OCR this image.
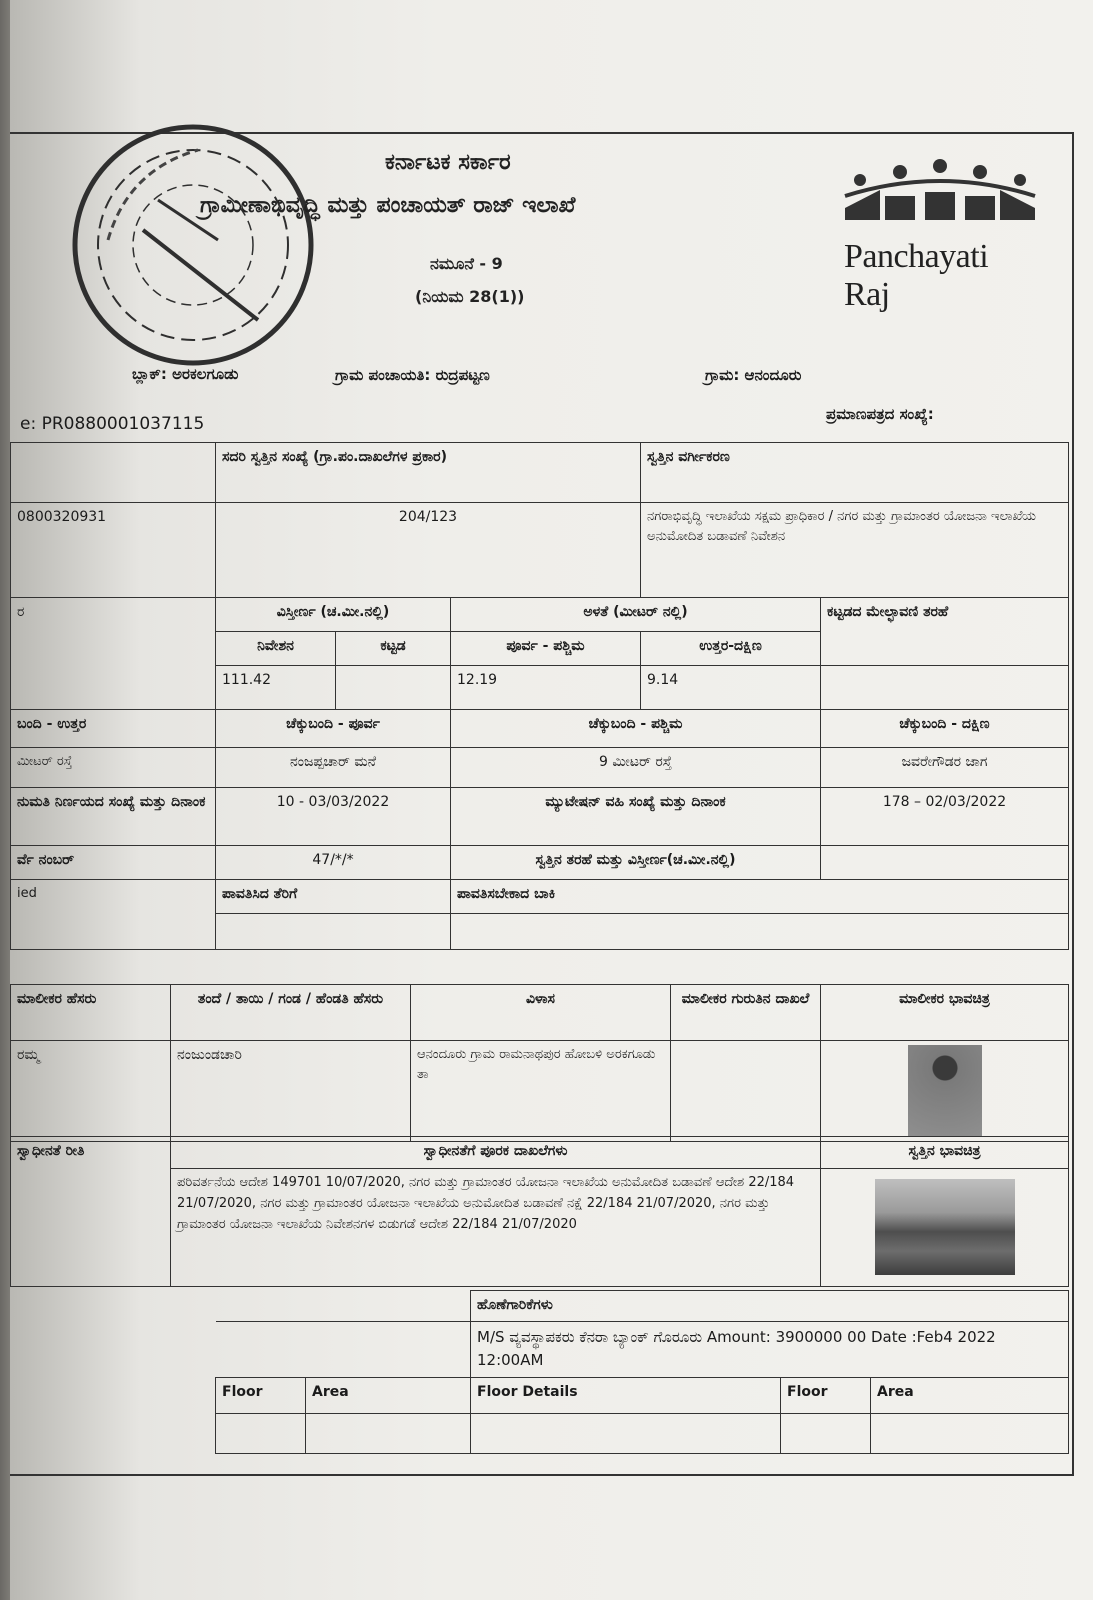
ಕರ್ನಾಟಕ ಸರ್ಕಾರ
ಗ್ರಾಮೀಣಾಭಿವೃದ್ಧಿ ಮತ್ತು ಪಂಚಾಯತ್ ರಾಜ್ ಇಲಾಖೆ
ನಮೂನೆ - 9
(ನಿಯಮ 28(1))
Panchayati Raj
ಬ್ಲಾಕ್: ಅರಕಲಗೂಡು	ಗ್ರಾಮ ಪಂಚಾಯತಿ: ರುದ್ರಪಟ್ಟಣ	ಗ್ರಾಮ: ಆನಂದೂರು
e: PR0880001037115	ಪ್ರಮಾಣಪತ್ರದ ಸಂಖ್ಯೆ:
	ಸದರಿ ಸ್ವತ್ತಿನ ಸಂಖ್ಯೆ (ಗ್ರಾ.ಪಂ.ದಾಖಲೆಗಳ ಪ್ರಕಾರ)			ಸ್ವತ್ತಿನ ವರ್ಗೀಕರಣ	
0800320931	204/123			ನಗರಾಭಿವೃದ್ಧಿ ಇಲಾಖೆಯ ಸಕ್ಷಮ ಪ್ರಾಧಿಕಾರ / ನಗರ ಮತ್ತು ಗ್ರಾಮಾಂತರ ಯೋಜನಾ ಇಲಾಖೆಯ ಅನುಮೋದಿತ ಬಡಾವಣೆ ನಿವೇಶನ	
ರ	ವಿಸ್ತೀರ್ಣ (ಚ.ಮೀ.ನಲ್ಲಿ)		ಅಳತೆ (ಮೀಟರ್ ನಲ್ಲಿ)		ಕಟ್ಟಡದ ಮೇಲ್ಛಾವಣಿ ತರಹೆ
	ನಿವೇಶನ	ಕಟ್ಟಡ	ಪೂರ್ವ - ಪಶ್ಚಿಮ	ಉತ್ತರ-ದಕ್ಷಿಣ	
	111.42		12.19	9.14	
ಬಂದಿ - ಉತ್ತರ	ಚೆಕ್ಕುಬಂದಿ - ಪೂರ್ವ		ಚೆಕ್ಕುಬಂದಿ - ಪಶ್ಚಿಮ		ಚೆಕ್ಕುಬಂದಿ - ದಕ್ಷಿಣ
ಮೀಟರ್ ರಸ್ತೆ	ನಂಜಪ್ಪಚಾರ್ ಮನೆ		9 ಮೀಟರ್ ರಸ್ತೆ		ಜವರೇಗೌಡರ ಜಾಗ
ನುಮತಿ ನಿರ್ಣಯದ ಸಂಖ್ಯೆ ಮತ್ತು ದಿನಾಂಕ	10 - 03/03/2022		ಮ್ಯುಟೇಷನ್ ವಹಿ ಸಂಖ್ಯೆ ಮತ್ತು ದಿನಾಂಕ		178 – 02/03/2022
ರ್ವೆ ನಂಬರ್	47/*/*		ಸ್ವತ್ತಿನ ತರಹೆ ಮತ್ತು ವಿಸ್ತೀರ್ಣ(ಚ.ಮೀ.ನಲ್ಲಿ)		
ied	ಪಾವತಿಸಿದ ತೆರಿಗೆ		ಪಾವತಿಸಬೇಕಾದ ಬಾಕಿ		

ಮಾಲೀಕರ ಹೆಸರು	ತಂದೆ / ತಾಯಿ / ಗಂಡ / ಹೆಂಡತಿ ಹೆಸರು	ವಿಳಾಸ	ಮಾಲೀಕರ ಗುರುತಿನ ದಾಖಲೆ	ಮಾಲೀಕರ ಭಾವಚಿತ್ರ
ರಮ್ಮ	ನಂಜುಂಡಚಾರಿ	ಆನಂದೂರು ಗ್ರಾಮ ರಾಮನಾಥಪುರ ಹೋಬಳಿ ಅರಕಗೂಡು ತಾ		
ಸ್ವಾಧೀನತೆ ರೀತಿ	ಸ್ವಾಧೀನತೆಗೆ ಪೂರಕ ದಾಖಲೆಗಳು	ಸ್ವತ್ತಿನ ಭಾವಚಿತ್ರ
	ಪರಿವರ್ತನೆಯ ಆದೇಶ 149701 10/07/2020, ನಗರ ಮತ್ತು ಗ್ರಾಮಾಂತರ ಯೋಜನಾ ಇಲಾಖೆಯ ಅನುಮೋದಿತ ಬಡಾವಣೆ ಆದೇಶ 22/184 21/07/2020, ನಗರ ಮತ್ತು ಗ್ರಾಮಾಂತರ ಯೋಜನಾ ಇಲಾಖೆಯ ಅನುಮೋದಿತ ಬಡಾವಣೆ ನಕ್ಷೆ 22/184 21/07/2020, ನಗರ ಮತ್ತು ಗ್ರಾಮಾಂತರ ಯೋಜನಾ ಇಲಾಖೆಯ ನಿವೇಶನಗಳ ಬಿಡುಗಡೆ ಆದೇಶ 22/184 21/07/2020	
		ಹೊಣೆಗಾರಿಕೆಗಳು		
		M/S ವ್ಯವಸ್ಥಾಪಕರು ಕೆನರಾ ಬ್ಯಾಂಕ್ ಗೊರೂರು Amount: 3900000 00 Date :Feb4 2022 12:00AM		
Floor	Area	Floor Details	Floor	Area
